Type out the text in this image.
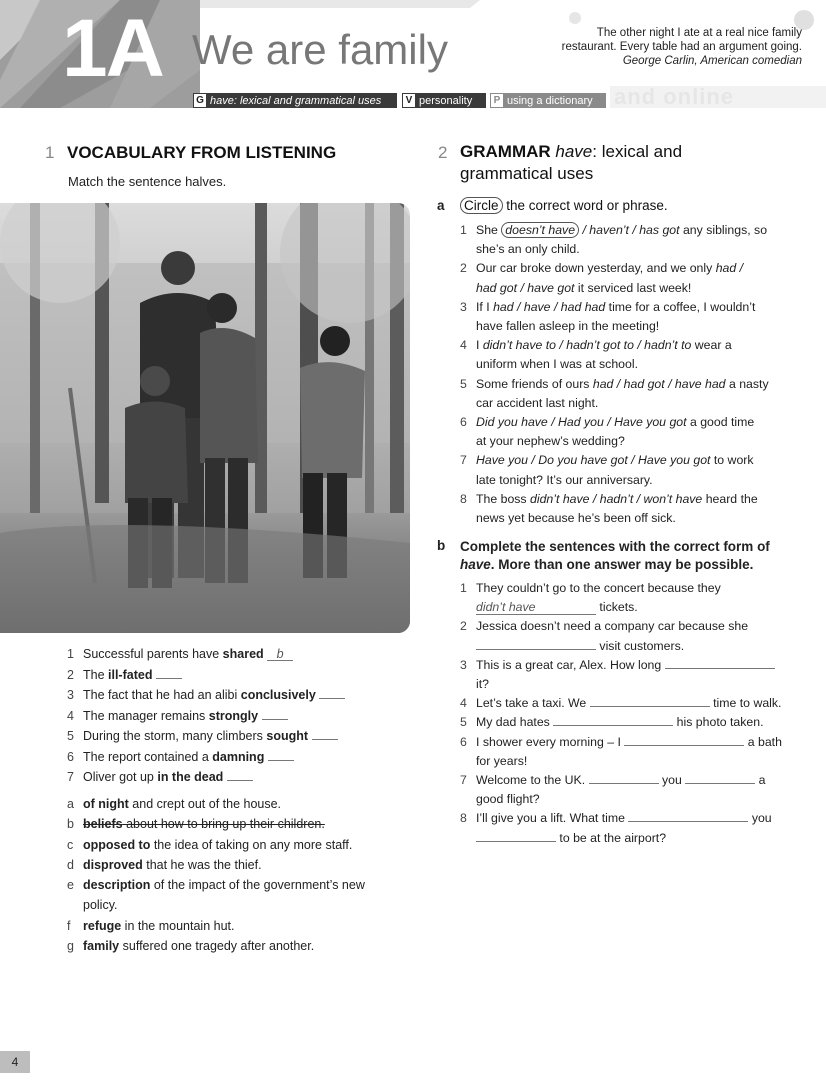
1A We are family	The other night I ate at a real nice family
restaurant. Every table had an argument going.
George Carlin, American comedian
and online
G have: lexical and grammatical uses V personality P using a dictionary
1 VOCABULARY FROM LISTENING
Match the sentence halves.
1 Successful parents have shared b
2 The ill-fated
3 The fact that he had an alibi conclusively
4 The manager remains strongly
5 During the storm, many climbers sought
6 The report contained a damning
7 Oliver got up in the dead
a of night and crept out of the house.
b beliefs about how to bring up their children.
c opposed to the idea of taking on any more staff.
d disproved that he was the thief.
e description of the impact of the government’s new
policy.
f	refuge in the mountain hut.
g family suffered one tragedy after another.
2 GRAMMAR have: lexical and
grammatical uses
a Circle the correct word or phrase.
1 She doesn’t have / haven’t / has got any siblings, so
she’s an only child.
2 Our car broke down yesterday, and we only had /
had got / have got it serviced last week!
3 If I had / have / had had time for a coffee, I wouldn’t
have fallen asleep in the meeting!
4 I didn’t have to / hadn’t got to / hadn’t to wear a
uniform when I was at school.
5 Some friends of ours had / had got / have had a nasty
car accident last night.
6 Did you have / Had you / Have you got a good time
at your nephew’s wedding?
7 Have you / Do you have got / Have you got to work
late tonight? It’s our anniversary.
8 The boss didn’t have / hadn’t / won’t have heard the
news yet because he’s been off sick.
b Complete the sentences with the correct form of have. More than one answer may be possible.
1 They couldn’t go to the concert because they
didn’t have	tickets.
2 Jessica doesn’t need a company car because she
visit customers.
3 This is a great car, Alex. How long
it?
4 Let’s take a taxi. We	time to walk.
5 My dad hates	his photo taken.
6 I shower every morning – I	a bath
for years!
7 Welcome to the UK.	you	a
good flight?
8 I’ll give you a lift. What time	you
to be at the airport?
4
